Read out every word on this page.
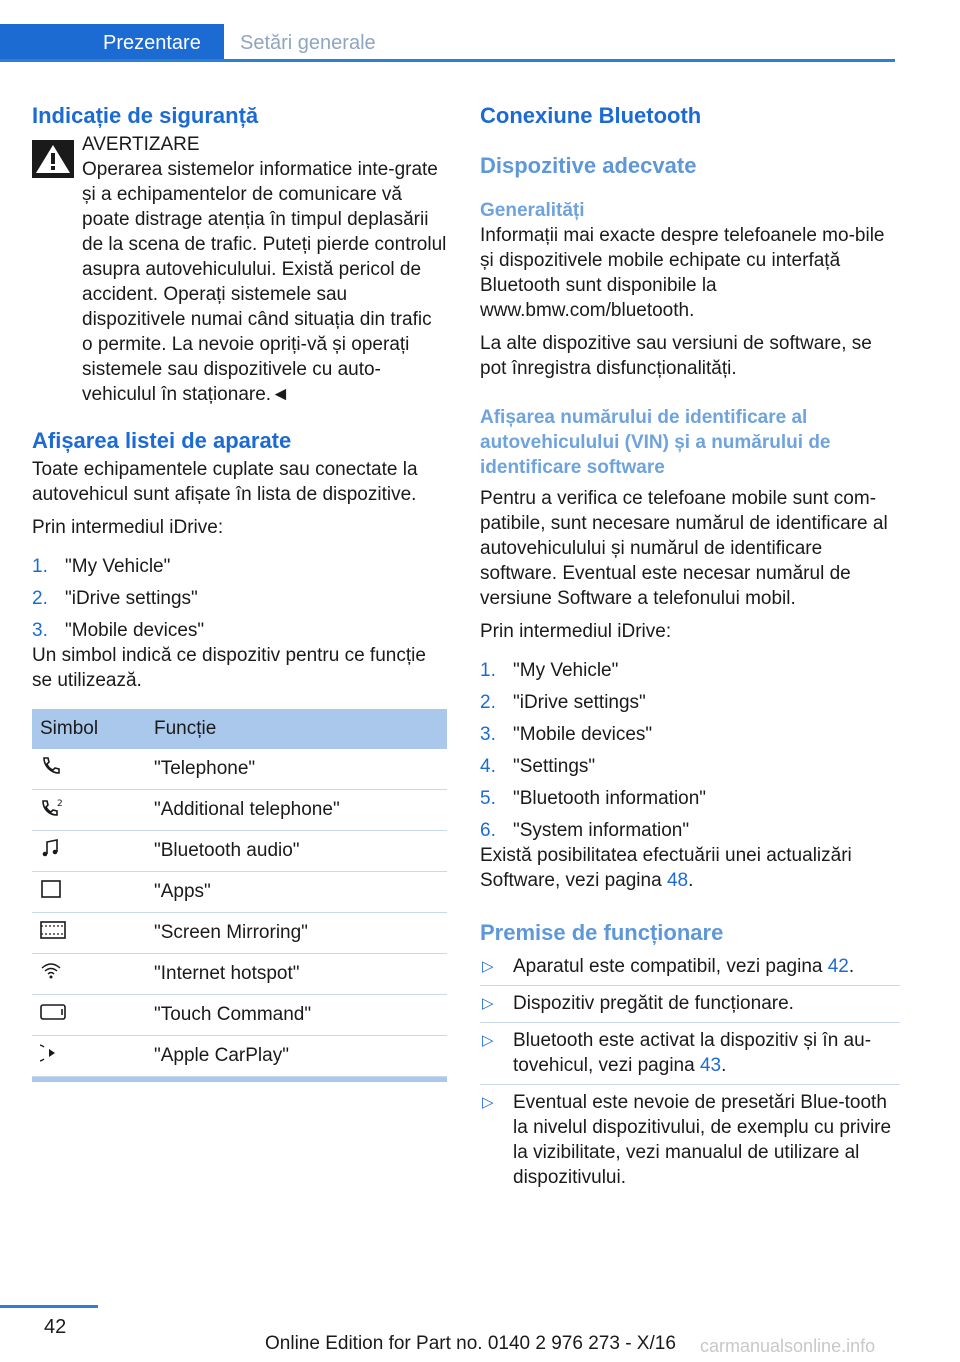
Prezentare	Setări generale
Indicație de siguranță

AVERTIZARE

Operarea sistemelor informatice inte-grate și a echipamentelor de comunicare vă poate distrage atenția în timpul deplasării de la scena de trafic. Puteți pierde controlul asupra autovehiculului. Există pericol de accident. Operați sistemele sau dispozitivele numai când situația din trafic o permite. La nevoie opriți-vă și operați sistemele sau dispozitivele cu auto-vehiculul în staționare.◄

Afișarea listei de aparate

Toate echipamentele cuplate sau conectate la autovehicul sunt afișate în lista de dispozitive.

Prin intermediul iDrive:

1. "My Vehicle"
2. "iDrive settings"
3. "Mobile devices"

Un simbol indică ce dispozitiv pentru ce funcție se utilizează.

Simbol	Funcție
	"Telephone"

2	"Additional telephone"
	"Bluetooth audio"
	"Apps"
	"Screen Mirroring"
	"Internet hotspot"
	"Touch Command"
	"Apple CarPlay"

Conexiune Bluetooth
Dispozitive adecvate
Generalități

Informații mai exacte despre telefoanele mo-bile și dispozitivele mobile echipate cu interfață Bluetooth sunt disponibile la www.bmw.com/bluetooth.

La alte dispozitive sau versiuni de software, se pot înregistra disfuncționalități.

Afișarea numărului de identificare al autovehiculului (VIN) și a numărului de identificare software

Pentru a verifica ce telefoane mobile sunt com-patibile, sunt necesare numărul de identificare al autovehiculului și numărul de identificare software. Eventual este necesar numărul de versiune Software a telefonului mobil.

Prin intermediul iDrive:

1. "My Vehicle"
2. "iDrive settings"
3. "Mobile devices"
4. "Settings"
5. "Bluetooth information"
6. "System information"

Există posibilitatea efectuării unei actualizări Software, vezi pagina 48.

Premise de funcționare
▷ Aparatul este compatibil, vezi pagina 42.
▷ Dispozitiv pregătit de funcționare.
▷ Bluetooth este activat la dispozitiv și în au-tovehicul, vezi pagina 43.
▷ Eventual este nevoie de presetări Blue-tooth la nivelul dispozitivului, de exemplu cu privire la vizibilitate, vezi manualul de utilizare al dispozitivului.
42
Online Edition for Part no. 0140 2 976 273 - X/16 carmanualsonline.info
